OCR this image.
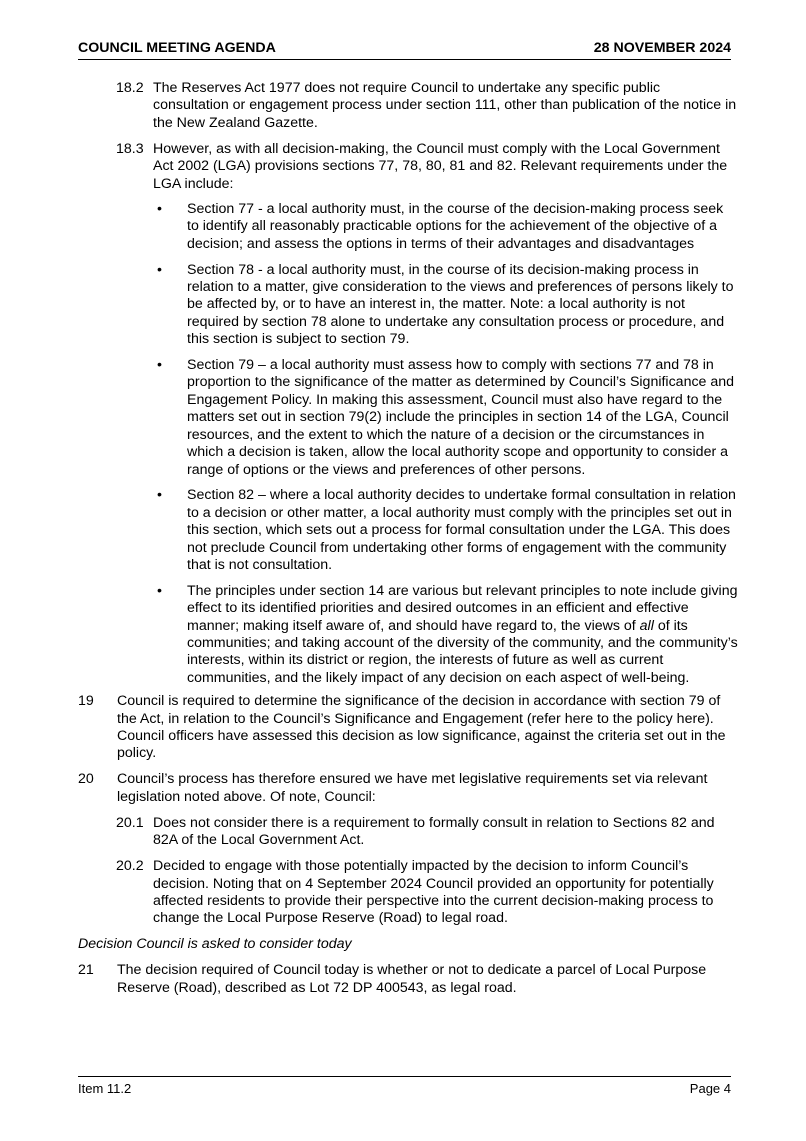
COUNCIL MEETING AGENDA	28 NOVEMBER 2024
18.2 The Reserves Act 1977 does not require Council to undertake any specific public consultation or engagement process under section 111, other than publication of the notice in the New Zealand Gazette.
18.3 However, as with all decision-making, the Council must comply with the Local Government Act 2002 (LGA) provisions sections 77, 78, 80, 81 and 82. Relevant requirements under the LGA include:
•	Section 77 - a local authority must, in the course of the decision-making process seek to identify all reasonably practicable options for the achievement of the objective of a decision; and assess the options in terms of their advantages and disadvantages
•	Section 78 - a local authority must, in the course of its decision-making process in relation to a matter, give consideration to the views and preferences of persons likely to be affected by, or to have an interest in, the matter. Note: a local authority is not required by section 78 alone to undertake any consultation process or procedure, and this section is subject to section 79.
•	Section 79 – a local authority must assess how to comply with sections 77 and 78 in proportion to the significance of the matter as determined by Council’s Significance and Engagement Policy. In making this assessment, Council must also have regard to the matters set out in section 79(2) include the principles in section 14 of the LGA, Council resources, and the extent to which the nature of a decision or the circumstances in which a decision is taken, allow the local authority scope and opportunity to consider a range of options or the views and preferences of other persons.
•	Section 82 – where a local authority decides to undertake formal consultation in relation to a decision or other matter, a local authority must comply with the principles set out in this section, which sets out a process for formal consultation under the LGA. This does not preclude Council from undertaking other forms of engagement with the community that is not consultation.
•	The principles under section 14 are various but relevant principles to note include giving effect to its identified priorities and desired outcomes in an efficient and effective manner; making itself aware of, and should have regard to, the views of all of its communities; and taking account of the diversity of the community, and the community’s interests, within its district or region, the interests of future as well as current communities, and the likely impact of any decision on each aspect of well-being.
19	Council is required to determine the significance of the decision in accordance with section 79 of the Act, in relation to the Council’s Significance and Engagement (refer here to the policy here). Council officers have assessed this decision as low significance, against the criteria set out in the policy.
20	Council’s process has therefore ensured we have met legislative requirements set via relevant legislation noted above. Of note, Council:
20.1 Does not consider there is a requirement to formally consult in relation to Sections 82 and 82A of the Local Government Act.
20.2 Decided to engage with those potentially impacted by the decision to inform Council’s decision. Noting that on 4 September 2024 Council provided an opportunity for potentially affected residents to provide their perspective into the current decision-making process to change the Local Purpose Reserve (Road) to legal road.
Decision Council is asked to consider today
21	The decision required of Council today is whether or not to dedicate a parcel of Local Purpose Reserve (Road), described as Lot 72 DP 400543, as legal road.
Item 11.2	Page 4
